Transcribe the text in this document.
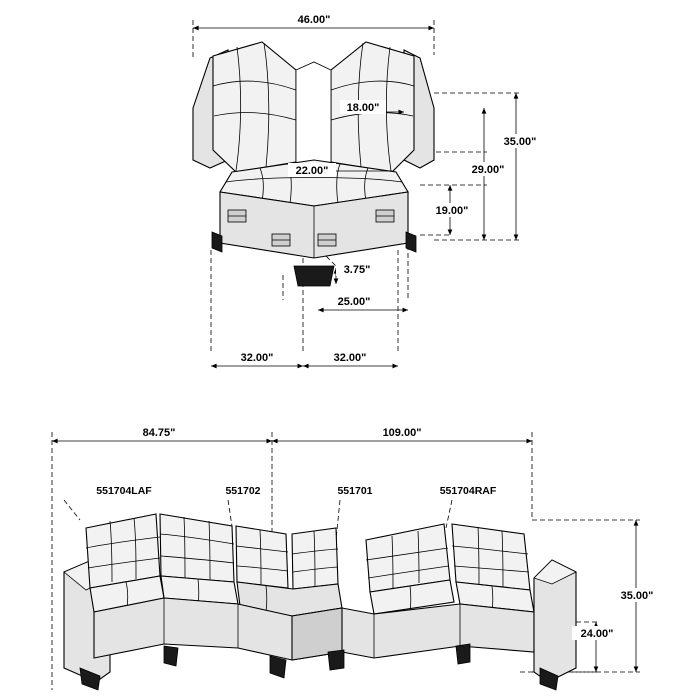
46.00"
18.00"
35.00"
29.00"
22.00"
19.00"
3.75"
25.00"
32.00"	32.00"
84.75"	109.00"
551704LAF	551702	551701	551704RAF
35.00"
24.00"
